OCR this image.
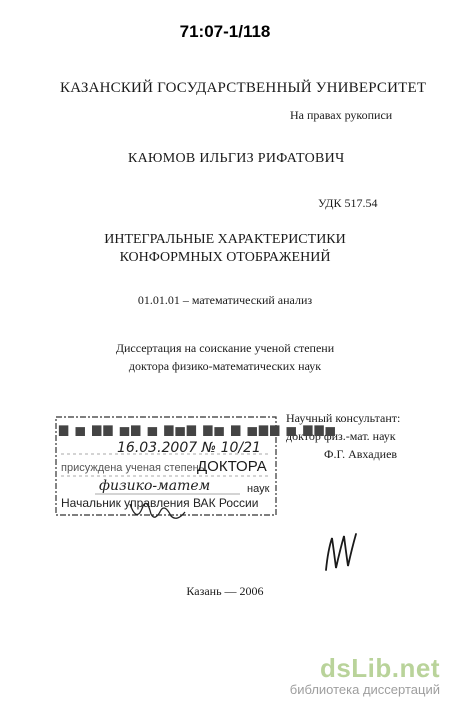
71:07-1/118
КАЗАНСКИЙ ГОСУДАРСТВЕННЫЙ УНИВЕРСИТЕТ
На правах рукописи
КАЮМОВ ИЛЬГИЗ РИФАТОВИЧ
УДК 517.54
ИНТЕГРАЛЬНЫЕ ХАРАКТЕРИСТИКИ
КОНФОРМНЫХ ОТОБРАЖЕНИЙ
01.01.01 – математический анализ
Диссертация на соискание ученой степени
доктора физико-математических наук
Научный консультант:
доктор физ.-мат. наук
Ф.Г. Авхадиев
▆ ▅ ▆▆ ▅▆ ▅ ▆▅▆ ▆▅ ▆ ▅▆▆ ▅ ▆▆▅
16.03.2007 № 10/21
присуждена ученая степень
ДОКТОРА
физико-матем	наук
Начальник управления ВАК России
Казань — 2006
dsLib.net
библиотека диссертаций
